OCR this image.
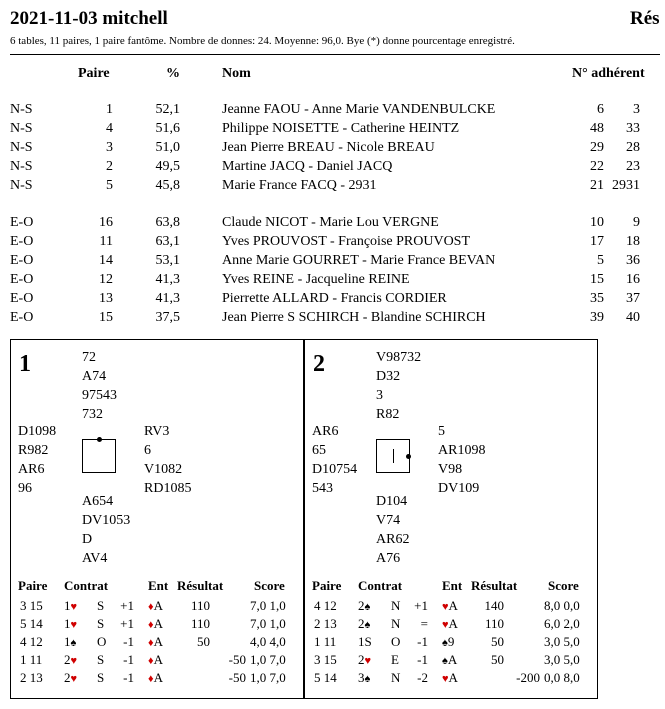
2021-11-03 mitchell	Rés
6 tables, 11 paires, 1 paire fantôme. Nombre de donnes: 24. Moyenne: 96,0. Bye (*) donne pourcentage enregistré.
Paire	%	Nom	N° adhérent
N-S	1	52,1	Jeanne FAOU - Anne Marie VANDENBULCKE	6	3
N-S	4	51,6	Philippe NOISETTE - Catherine HEINTZ	48	33
N-S	3	51,0	Jean Pierre BREAU - Nicole BREAU	29	28
N-S	2	49,5	Martine JACQ - Daniel JACQ	22	23
N-S	5	45,8	Marie France FACQ - 2931	21 2931
E-O	16	63,8	Claude NICOT - Marie Lou VERGNE	10	9
E-O	11	63,1	Yves PROUVOST - Françoise PROUVOST	17	18
E-O	14	53,1	Anne Marie GOURRET - Marie France BEVAN	5	36
E-O	12	41,3	Yves REINE - Jacqueline REINE	15	16
E-O	13	41,3	Pierrette ALLARD - Francis CORDIER	35	37
E-O	15	37,5	Jean Pierre S SCHIRCH - Blandine SCHIRCH	39	40
1	72
A74
97543
732
D1098
R982
AR6
96
RV3
6
V1082
RD1085
A654
DV1053
D
AV4
Paire Contrat	Ent Résultat Score
3 15 1♥ S	+1 ♦A	110	7,0 1,0
5 14 1♥ S	+1 ♦A	110	7,0 1,0
4 12 1♠ O	-1 ♦A	50	4,0 4,0
1 11 2♥ S	-1 ♦A	-50 1,0 7,0
2 13 2♥ S	-1 ♦A	-50 1,0 7,0
2	V98732
D32
3
R82
AR6
65
D10754
543
5
AR1098
V98
DV109
D104
V74
AR62
A76
Paire Contrat	Ent Résultat Score
4 12 2♠ N	+1 ♥A	140	8,0 0,0
2 13 2♠ N	= ♥A	110	6,0 2,0
1 11 1S O	-1 ♠9	50	3,0 5,0
3 15 2♥ E	-1 ♠A	50	3,0 5,0
5 14 3♠ N	-2 ♥A	-200 0,0 8,0
